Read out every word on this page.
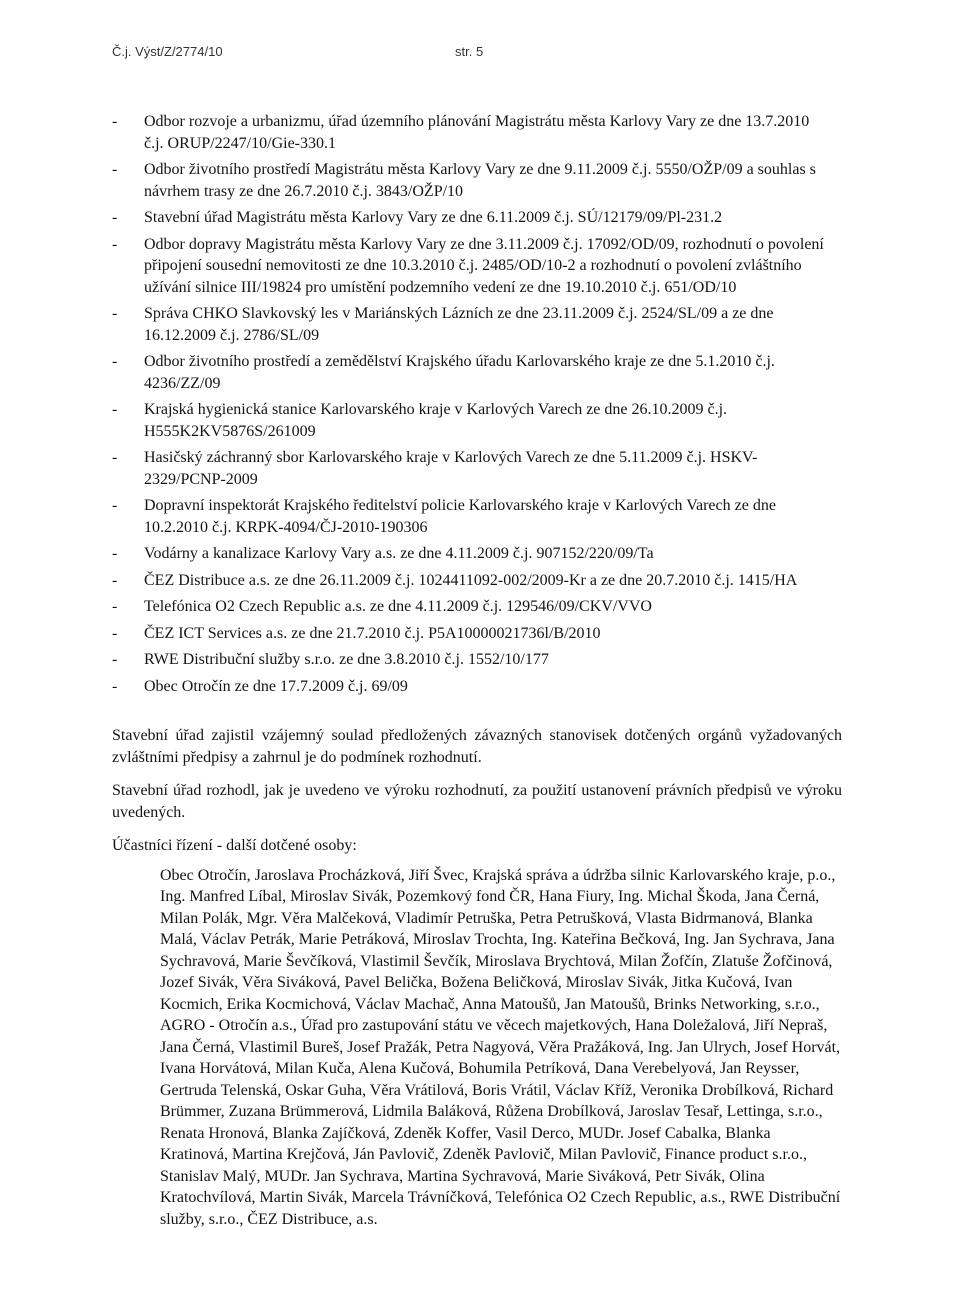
Č.j. Výst/Z/2774/10	str. 5
- Odbor rozvoje a urbanizmu, úřad územního plánování Magistrátu města Karlovy Vary ze dne 13.7.2010 č.j. ORUP/2247/10/Gie-330.1
- Odbor životního prostředí Magistrátu města Karlovy Vary ze dne 9.11.2009 č.j. 5550/OŽP/09 a souhlas s návrhem trasy ze dne 26.7.2010 č.j. 3843/OŽP/10
- Stavební úřad Magistrátu města Karlovy Vary ze dne 6.11.2009 č.j. SÚ/12179/09/Pl-231.2
- Odbor dopravy Magistrátu města Karlovy Vary ze dne 3.11.2009 č.j. 17092/OD/09, rozhodnutí o povolení připojení sousední nemovitosti ze dne 10.3.2010 č.j. 2485/OD/10-2 a rozhodnutí o povolení zvláštního užívání silnice III/19824 pro umístění podzemního vedení ze dne 19.10.2010 č.j. 651/OD/10
- Správa CHKO Slavkovský les v Mariánských Lázních ze dne 23.11.2009 č.j. 2524/SL/09 a ze dne 16.12.2009 č.j. 2786/SL/09
- Odbor životního prostředí a zemědělství Krajského úřadu Karlovarského kraje ze dne 5.1.2010 č.j. 4236/ZZ/09
- Krajská hygienická stanice Karlovarského kraje v Karlových Varech ze dne 26.10.2009 č.j. H555K2KV5876S/261009
- Hasičský záchranný sbor Karlovarského kraje v Karlových Varech ze dne 5.11.2009 č.j. HSKV-2329/PCNP-2009
- Dopravní inspektorát Krajského ředitelství policie Karlovarského kraje v Karlových Varech ze dne 10.2.2010 č.j. KRPK-4094/ČJ-2010-190306
- Vodárny a kanalizace Karlovy Vary a.s. ze dne 4.11.2009 č.j. 907152/220/09/Ta
- ČEZ Distribuce a.s. ze dne 26.11.2009 č.j. 1024411092-002/2009-Kr a ze dne 20.7.2010 č.j. 1415/HA
- Telefónica O2 Czech Republic a.s. ze dne 4.11.2009 č.j. 129546/09/CKV/VVO
- ČEZ ICT Services a.s. ze dne 21.7.2010 č.j. P5A10000021736l/B/2010
- RWE Distribuční služby s.r.o. ze dne 3.8.2010 č.j. 1552/10/177
- Obec Otročín ze dne 17.7.2009 č.j. 69/09

Stavební úřad zajistil vzájemný soulad předložených závazných stanovisek dotčených orgánů vyžadovaných zvláštními předpisy a zahrnul je do podmínek rozhodnutí.

Stavební úřad rozhodl, jak je uvedeno ve výroku rozhodnutí, za použití ustanovení právních předpisů ve výroku uvedených.

Účastníci řízení - další dotčené osoby:

Obec Otročín, Jaroslava Procházková, Jiří Švec, Krajská správa a údržba silnic Karlovarského kraje, p.o., Ing. Manfred Líbal, Miroslav Sivák, Pozemkový fond ČR, Hana Fiury, Ing. Michal Škoda, Jana Černá, Milan Polák, Mgr. Věra Malčeková, Vladimír Petruška, Petra Petrušková, Vlasta Bidrmanová, Blanka Malá, Václav Petrák, Marie Petráková, Miroslav Trochta, Ing. Kateřina Bečková, Ing. Jan Sychrava, Jana Sychravová, Marie Ševčíková, Vlastimil Ševčík, Miroslava Brychtová, Milan Žofčín, Zlatuše Žofčinová, Jozef Sivák, Věra Siváková, Pavel Belička, Božena Beličková, Miroslav Sivák, Jitka Kučová, Ivan Kocmich, Erika Kocmichová, Václav Machač, Anna Matoušů, Jan Matoušů, Brinks Networking, s.r.o., AGRO - Otročín a.s., Úřad pro zastupování státu ve věcech majetkových, Hana Doležalová, Jiří Nepraš, Jana Černá, Vlastimil Bureš, Josef Pražák, Petra Nagyová, Věra Pražáková, Ing. Jan Ulrych, Josef Horvát, Ivana Horvátová, Milan Kuča, Alena Kučová, Bohumila Petríková, Dana Verebelyová, Jan Reysser, Gertruda Telenská, Oskar Guha, Věra Vrátilová, Boris Vrátil, Václav Kříž, Veronika Drobílková, Richard Brümmer, Zuzana Brümmerová, Lidmila Baláková, Růžena Drobílková, Jaroslav Tesař, Lettinga, s.r.o., Renata Hronová, Blanka Zajíčková, Zdeněk Koffer, Vasil Derco, MUDr. Josef Cabalka, Blanka Kratinová, Martina Krejčová, Ján Pavlovič, Zdeněk Pavlovič, Milan Pavlovič, Finance product s.r.o., Stanislav Malý, MUDr. Jan Sychrava, Martina Sychravová, Marie Siváková, Petr Sivák, Olina Kratochvílová, Martin Sivák, Marcela Trávníčková, Telefónica O2 Czech Republic, a.s., RWE Distribuční služby, s.r.o., ČEZ Distribuce, a.s.
